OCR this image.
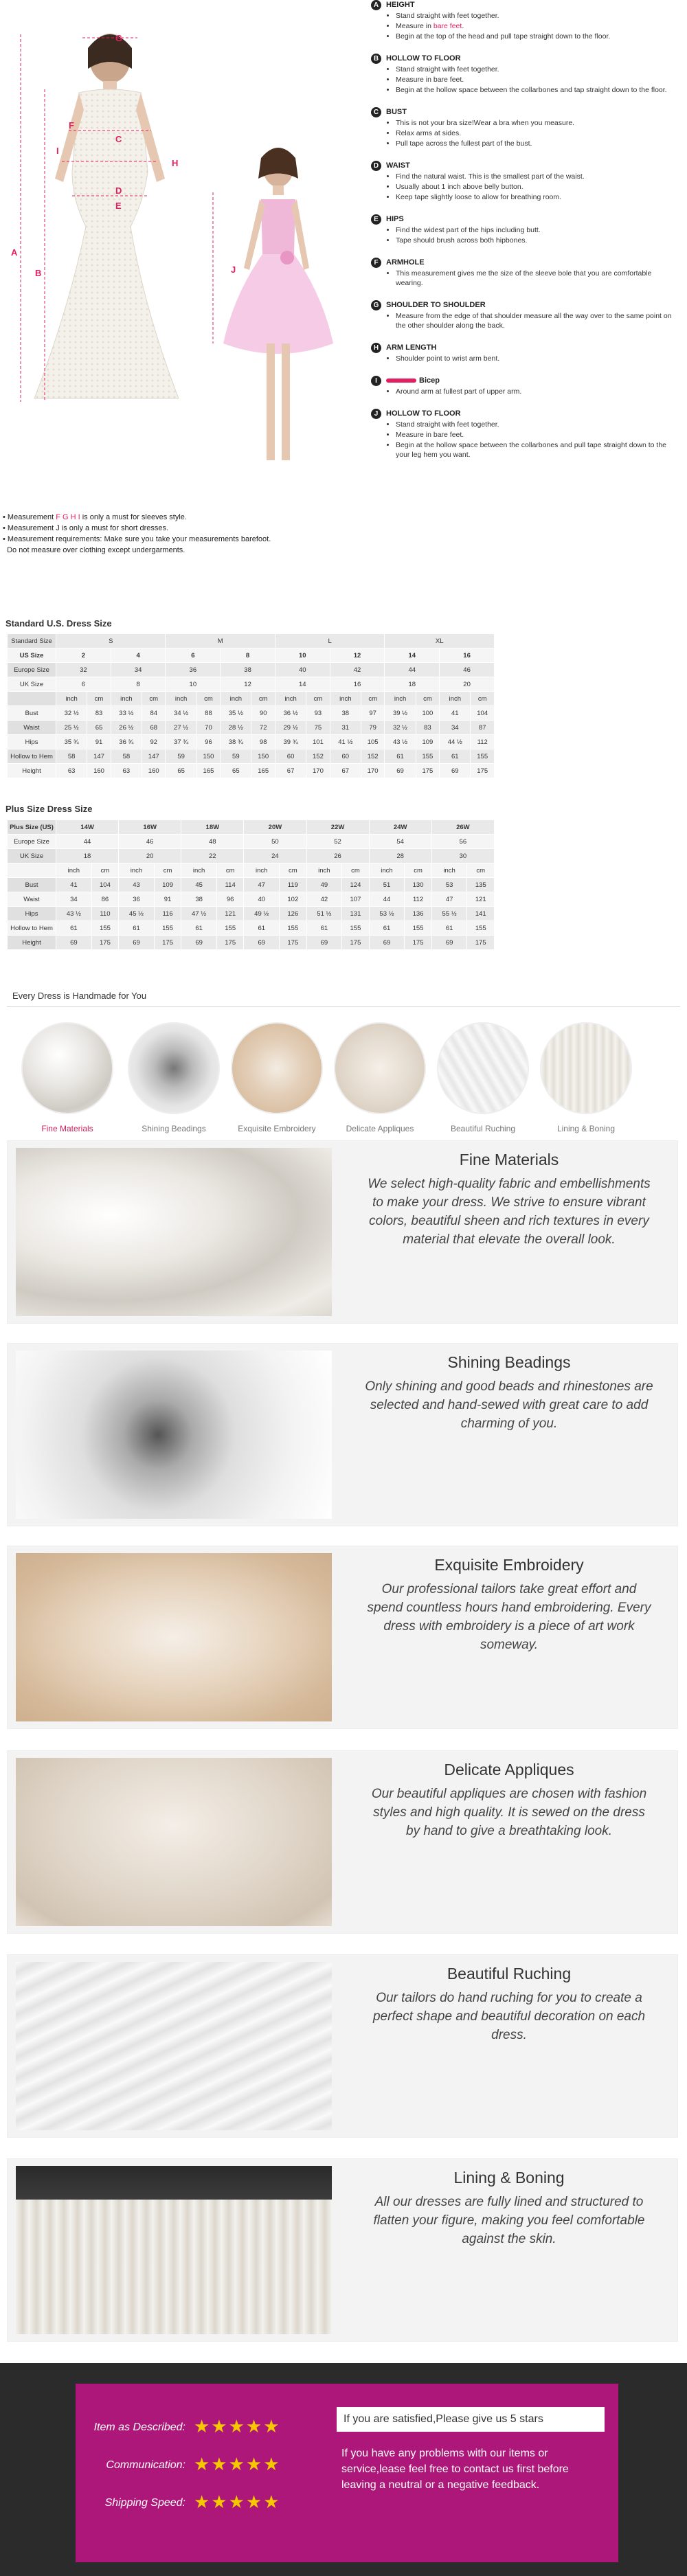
G
F
I
H
D
E
C
A
B	J
A HEIGHT
• Stand straight with feet together.
• Measure in bare feet.
• Begin at the top of the head and pull tape straight down to the floor.
B HOLLOW TO FLOOR
• Stand straight with feet together.
• Measure in bare feet.
• Begin at the hollow space between the collarbones and tap straight down to the floor.
C BUST
• This is not your bra size!Wear a bra when you measure.
• Relax arms at sides.
• Pull tape across the fullest part of the bust.
D WAIST
• Find the natural waist. This is the smallest part of the waist.
• Usually about 1 inch above belly button.
• Keep tape slightly loose to allow for breathing room.
E	HIPS
• Find the widest part of the hips including butt.
• Tape should brush across both hipbones.
F	ARMHOLE
• This measurement gives me the size of the sleeve bole that you are comfortable wearing.
G SHOULDER TO SHOULDER
• Measure from the edge of that shoulder measure all the way over to the same point on the other shoulder along the back.
H ARM LENGTH
• Shoulder point to wrist arm bent.
I	Bicep
• Around arm at fullest part of upper arm.
J	HOLLOW TO FLOOR
• Stand straight with feet together.
• Measure in bare feet.
• Begin at the hollow space between the collarbones and pull tape straight down to the your leg hem you want.
• Measurement F G H I is only a must for sleeves style.
• Measurement J is only a must for short dresses.
• Measurement requirements: Make sure you take your measurements barefoot.
Do not measure over clothing except undergarments.
Standard U.S. Dress Size
Standard Size	S				M				L				XL			
US Size	2		4		6		8		10		12		14		16	
Europe Size	32		34		36		38		40		42		44		46	
UK Size	6		8		10		12		14		16		18		20	
	inch	cm	inch	cm	inch	cm	inch	cm	inch	cm	inch	cm	inch	cm	inch	cm
Bust	32 ½	83	33 ½	84	34 ½	88	35 ½	90	36 ½	93	38	97	39 ½	100	41	104
Waist	25 ½	65	26 ½	68	27 ½	70	28 ½	72	29 ½	75	31	79	32 ½	83	34	87
Hips	35 ¾	91	36 ¾	92	37 ¾	96	38 ¾	98	39 ¾	101	41 ½	105	43 ½	109	44 ½	112
Hollow to Hem	58	147	58	147	59	150	59	150	60	152	60	152	61	155	61	155
Height	63	160	63	160	65	165	65	165	67	170	67	170	69	175	69	175
Plus Size Dress Size
Plus Size (US)	14W		16W		18W		20W		22W		24W		26W	
Europe Size	44		46		48		50		52		54		56	
UK Size	18		20		22		24		26		28		30	
	inch	cm	inch	cm	inch	cm	inch	cm	inch	cm	inch	cm	inch	cm
Bust	41	104	43	109	45	114	47	119	49	124	51	130	53	135
Waist	34	86	36	91	38	96	40	102	42	107	44	112	47	121
Hips	43 ½	110	45 ½	116	47 ½	121	49 ½	126	51 ½	131	53 ½	136	55 ½	141
Hollow to Hem	61	155	61	155	61	155	61	155	61	155	61	155	61	155
Height	69	175	69	175	69	175	69	175	69	175	69	175	69	175
Every Dress is Handmade for You
Fine Materials	Shining Beadings	Exquisite Embroidery	Delicate Appliques	Beautiful Ruching	Lining & Boning
Fine Materials

We select high-quality fabric and embellishments to make your dress. We strive to ensure vibrant colors, beautiful sheen and rich textures in every material that elevate the overall look.

Shining Beadings

Only shining and good beads and rhinestones are selected and hand-sewed with great care to add charming of you.

Exquisite Embroidery

Our professional tailors take great effort and spend countless hours hand embroidering. Every dress with embroidery is a piece of art work someway.

Delicate Appliques

Our beautiful appliques are chosen with fashion styles and high quality. It is sewed on the dress by hand to give a breathtaking look.

Beautiful Ruching

Our tailors do hand ruching for you to create a perfect shape and beautiful decoration on each dress.

Lining & Boning

All our dresses are fully lined and structured to flatten your figure, making you feel comfortable against the skin.

Item as Described: ★★★★★
Communication: ★★★★★
Shipping Speed: ★★★★★
If you are satisfied,Please give us 5 stars
If you have any problems with our items or service,lease feel free to contact us first before leaving a neutral or a negative feedback.
